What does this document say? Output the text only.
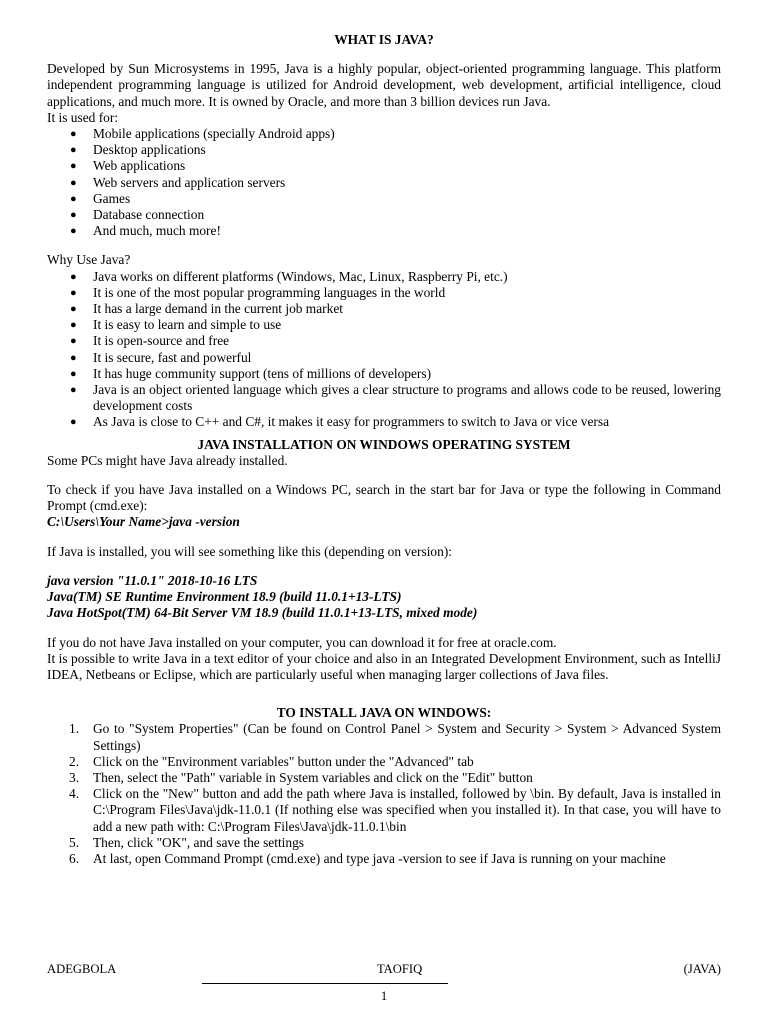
WHAT IS JAVA?

Developed by Sun Microsystems in 1995, Java is a highly popular, object-oriented programming language. This platform independent programming language is utilized for Android development, web development, artificial intelligence, cloud applications, and much more. It is owned by Oracle, and more than 3 billion devices run Java.

It is used for:

● Mobile applications (specially Android apps)
● Desktop applications
● Web applications
● Web servers and application servers
● Games
● Database connection
● And much, much more!

Why Use Java?

● Java works on different platforms (Windows, Mac, Linux, Raspberry Pi, etc.)
● It is one of the most popular programming languages in the world
● It has a large demand in the current job market
● It is easy to learn and simple to use
● It is open-source and free
● It is secure, fast and powerful
● It has huge community support (tens of millions of developers)
● Java is an object oriented language which gives a clear structure to programs and allows code to be reused, lowering development costs
● As Java is close to C++ and C#, it makes it easy for programmers to switch to Java or vice versa
JAVA INSTALLATION ON WINDOWS OPERATING SYSTEM

Some PCs might have Java already installed.

To check if you have Java installed on a Windows PC, search in the start bar for Java or type the following in Command Prompt (cmd.exe):

C:\Users\Your Name>java -version

If Java is installed, you will see something like this (depending on version):

java version "11.0.1" 2018-10-16 LTS

Java(TM) SE Runtime Environment 18.9 (build 11.0.1+13-LTS)

Java HotSpot(TM) 64-Bit Server VM 18.9 (build 11.0.1+13-LTS, mixed mode)

If you do not have Java installed on your computer, you can download it for free at oracle.com.

It is possible to write Java in a text editor of your choice and also in an Integrated Development Environment, such as IntelliJ IDEA, Netbeans or Eclipse, which are particularly useful when managing larger collections of Java files.

TO INSTALL JAVA ON WINDOWS:
1. Go to "System Properties" (Can be found on Control Panel > System and Security > System > Advanced System Settings)
2. Click on the "Environment variables" button under the "Advanced" tab
3. Then, select the "Path" variable in System variables and click on the "Edit" button
4. Click on the "New" button and add the path where Java is installed, followed by \bin. By default, Java is installed in C:\Program Files\Java\jdk-11.0.1 (If nothing else was specified when you installed it). In that case, you will have to add a new path with: C:\Program Files\Java\jdk-11.0.1\bin
5. Then, click "OK", and save the settings
6. At last, open Command Prompt (cmd.exe) and type java -version to see if Java is running on your machine
ADEGBOLA	TAOFIQ	(JAVA)
1
